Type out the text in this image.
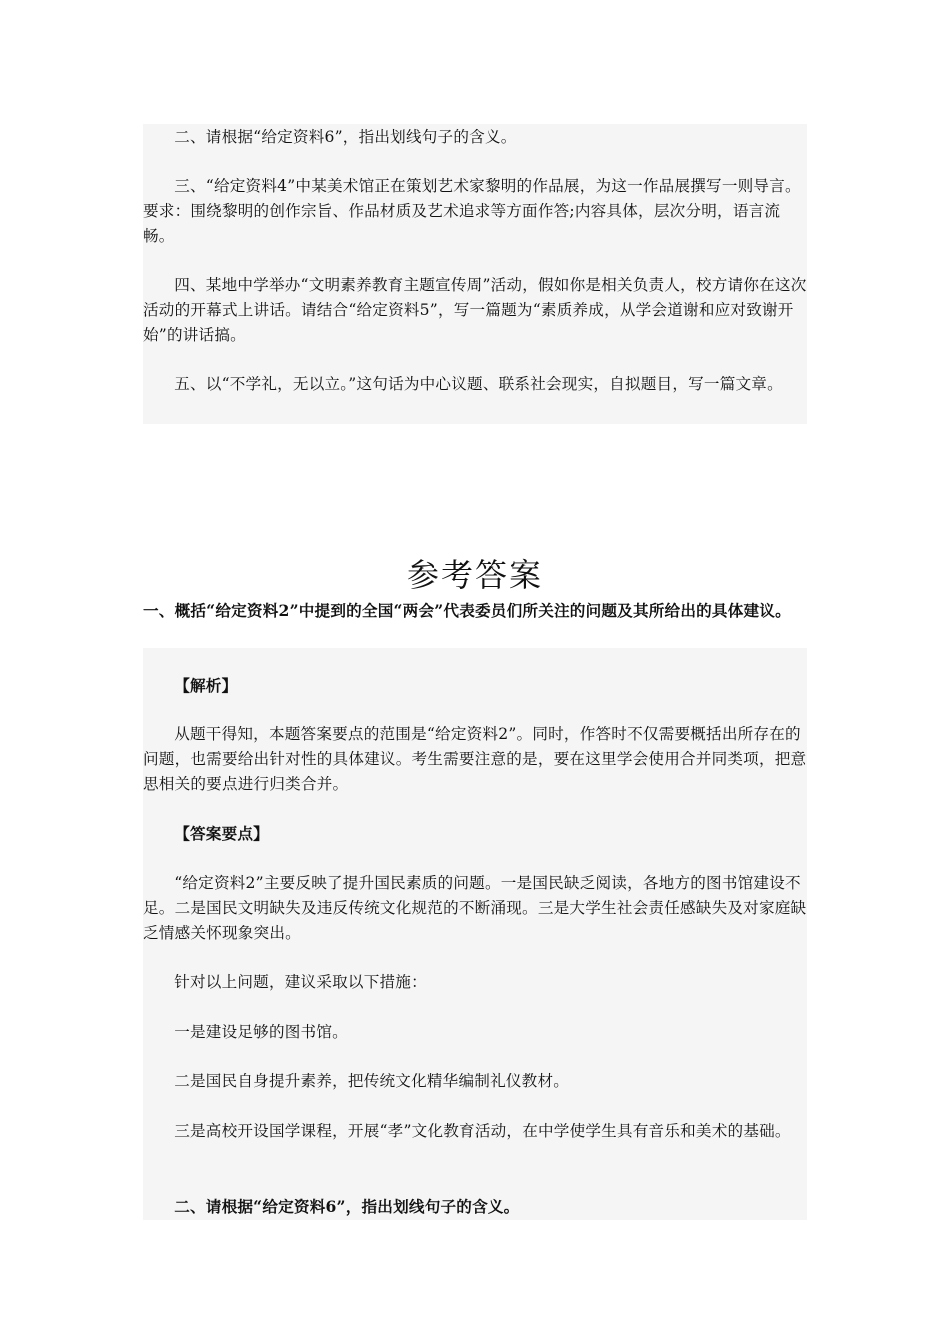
二、请根据“给定资料6”，指出划线句子的含义。

三、“给定资料4”中某美术馆正在策划艺术家黎明的作品展，为这一作品展撰写一则导言。要求：围绕黎明的创作宗旨、作品材质及艺术追求等方面作答;内容具体，层次分明，语言流畅。

四、某地中学举办“文明素养教育主题宣传周”活动，假如你是相关负责人，校方请你在这次活动的开幕式上讲话。请结合“给定资料5”，写一篇题为“素质养成，从学会道谢和应对致谢开始”的讲话搞。

五、以“不学礼，无以立。”这句话为中心议题、联系社会现实，自拟题目，写一篇文章。

参考答案

一、概括“给定资料2”中提到的全国“两会”代表委员们所关注的问题及其所给出的具体建议。

【解析】

从题干得知，本题答案要点的范围是“给定资料2”。同时，作答时不仅需要概括出所存在的问题，也需要给出针对性的具体建议。考生需要注意的是，要在这里学会使用合并同类项，把意思相关的要点进行归类合并。

【答案要点】

“给定资料2”主要反映了提升国民素质的问题。一是国民缺乏阅读，各地方的图书馆建设不足。二是国民文明缺失及违反传统文化规范的不断涌现。三是大学生社会责任感缺失及对家庭缺乏情感关怀现象突出。

针对以上问题，建议采取以下措施：

一是建设足够的图书馆。

二是国民自身提升素养，把传统文化精华编制礼仪教材。

三是高校开设国学课程，开展“孝”文化教育活动，在中学使学生具有音乐和美术的基础。

二、请根据“给定资料6”，指出划线句子的含义。
